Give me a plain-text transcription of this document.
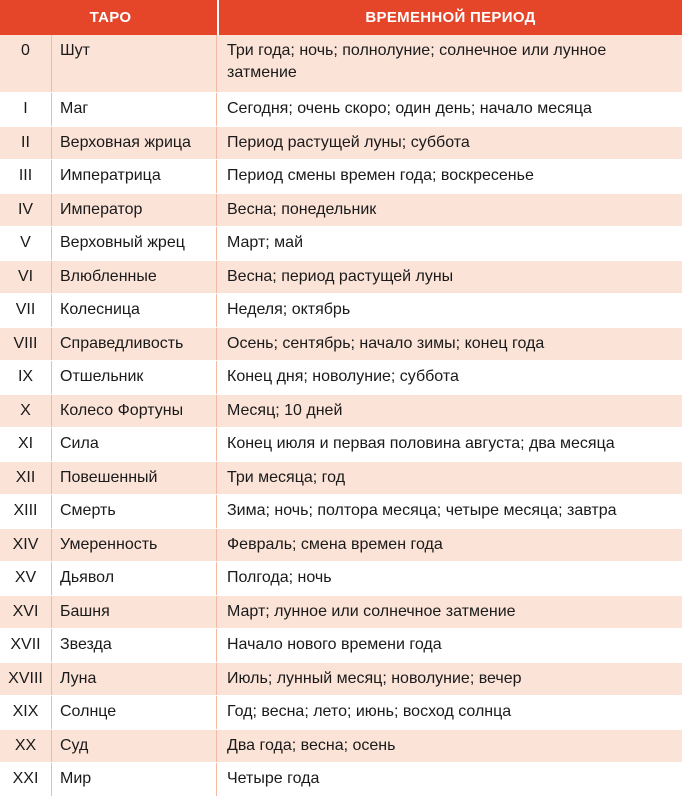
ТАРО	ВРЕМЕННОЙ ПЕРИОД
0	Шут	Три года; ночь; полнолуние; солнечное или лунное затмение
I	Маг	Сегодня; очень скоро; один день; начало месяца
II	Верховная жрица	Период растущей луны; суббота
III	Императрица	Период смены времен года; воскресенье
IV	Император	Весна; понедельник
V	Верховный жрец	Март; май
VI	Влюбленные	Весна; период растущей луны
VII	Колесница	Неделя; октябрь
VIII	Справедливость	Осень; сентябрь; начало зимы; конец года
IX	Отшельник	Конец дня; новолуние; суббота
X	Колесо Фортуны	Месяц; 10 дней
XI	Сила	Конец июля и первая половина августа; два месяца
XII	Повешенный	Три месяца; год
XIII	Смерть	Зима; ночь; полтора месяца; четыре месяца; завтра
XIV	Умеренность	Февраль; смена времен года
XV	Дьявол	Полгода; ночь
XVI	Башня	Март; лунное или солнечное затмение
XVII	Звезда	Начало нового времени года
XVIII	Луна	Июль; лунный месяц; новолуние; вечер
XIX	Солнце	Год; весна; лето; июнь; восход солнца
XX	Суд	Два года; весна; осень
XXI	Мир	Четыре года
